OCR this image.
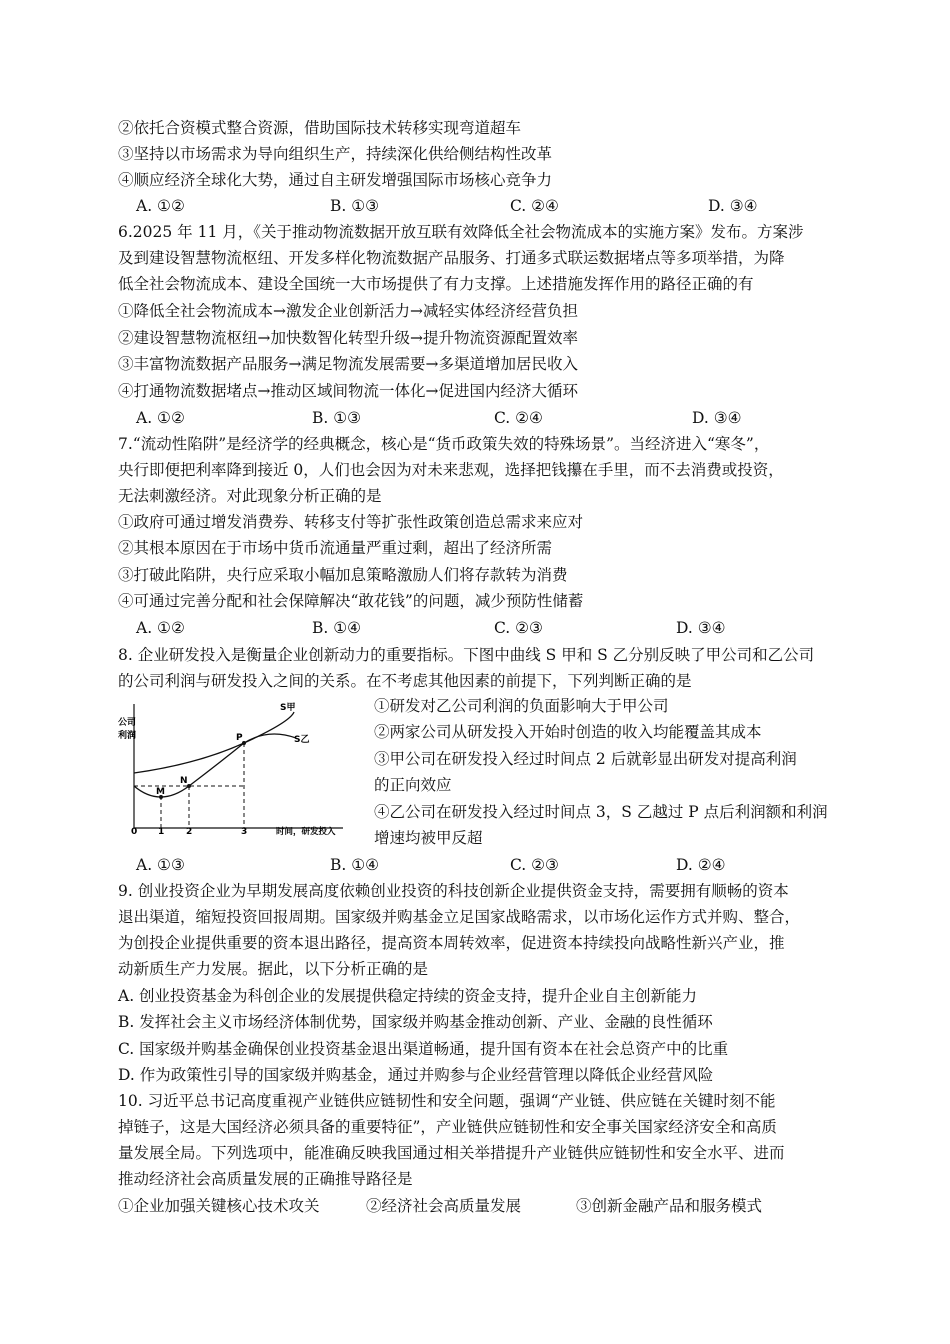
②依托合资模式整合资源，借助国际技术转移实现弯道超车
③坚持以市场需求为导向组织生产，持续深化供给侧结构性改革
④顺应经济全球化大势，通过自主研发增强国际市场核心竞争力
A. ①②	B. ①③	C. ②④	D. ③④
6.2025 年 11 月，《关于推动物流数据开放互联有效降低全社会物流成本的实施方案》发布。方案涉
及到建设智慧物流枢纽、开发多样化物流数据产品服务、打通多式联运数据堵点等多项举措，为降
低全社会物流成本、建设全国统一大市场提供了有力支撑。上述措施发挥作用的路径正确的有
①降低全社会物流成本→激发企业创新活力→减轻实体经济经营负担
②建设智慧物流枢纽→加快数智化转型升级→提升物流资源配置效率
③丰富物流数据产品服务→满足物流发展需要→多渠道增加居民收入
④打通物流数据堵点→推动区域间物流一体化→促进国内经济大循环
A. ①②	B. ①③	C. ②④	D. ③④
7.“流动性陷阱”是经济学的经典概念，核心是“货币政策失效的特殊场景”。当经济进入“寒冬”，
央行即便把利率降到接近 0，人们也会因为对未来悲观，选择把钱攥在手里，而不去消费或投资，
无法刺激经济。对此现象分析正确的是
①政府可通过增发消费券、转移支付等扩张性政策创造总需求来应对
②其根本原因在于市场中货币流通量严重过剩，超出了经济所需
③打破此陷阱，央行应采取小幅加息策略激励人们将存款转为消费
④可通过完善分配和社会保障解决“敢花钱”的问题，减少预防性储蓄
A. ①②	B. ①④	C. ②③	D. ③④
8. 企业研发投入是衡量企业创新动力的重要指标。下图中曲线 S 甲和 S 乙分别反映了甲公司和乙公司
的公司利润与研发投入之间的关系。在不考虑其他因素的前提下，下列判断正确的是
公司
利润
时间，研发投入
0 1 2	3
M
N
P
S甲
S乙
①研发对乙公司利润的负面影响大于甲公司
②两家公司从研发投入开始时创造的收入均能覆盖其成本
③甲公司在研发投入经过时间点 2 后就彰显出研发对提高利润
的正向效应
④乙公司在研发投入经过时间点 3，S 乙越过 P 点后利润额和利润
增速均被甲反超
A. ①③	B. ①④	C. ②③	D. ②④
9. 创业投资企业为早期发展高度依赖创业投资的科技创新企业提供资金支持，需要拥有顺畅的资本
退出渠道，缩短投资回报周期。国家级并购基金立足国家战略需求，以市场化运作方式并购、整合，
为创投企业提供重要的资本退出路径，提高资本周转效率，促进资本持续投向战略性新兴产业，推
动新质生产力发展。据此，以下分析正确的是
A. 创业投资基金为科创企业的发展提供稳定持续的资金支持，提升企业自主创新能力
B. 发挥社会主义市场经济体制优势，国家级并购基金推动创新、产业、金融的良性循环
C. 国家级并购基金确保创业投资基金退出渠道畅通，提升国有资本在社会总资产中的比重
D. 作为政策性引导的国家级并购基金，通过并购参与企业经营管理以降低企业经营风险
10. 习近平总书记高度重视产业链供应链韧性和安全问题，强调“产业链、供应链在关键时刻不能
掉链子，这是大国经济必须具备的重要特征”，产业链供应链韧性和安全事关国家经济安全和高质
量发展全局。下列选项中，能准确反映我国通过相关举措提升产业链供应链韧性和安全水平、进而
推动经济社会高质量发展的正确推导路径是
①企业加强关键核心技术攻关	②经济社会高质量发展	③创新金融产品和服务模式
